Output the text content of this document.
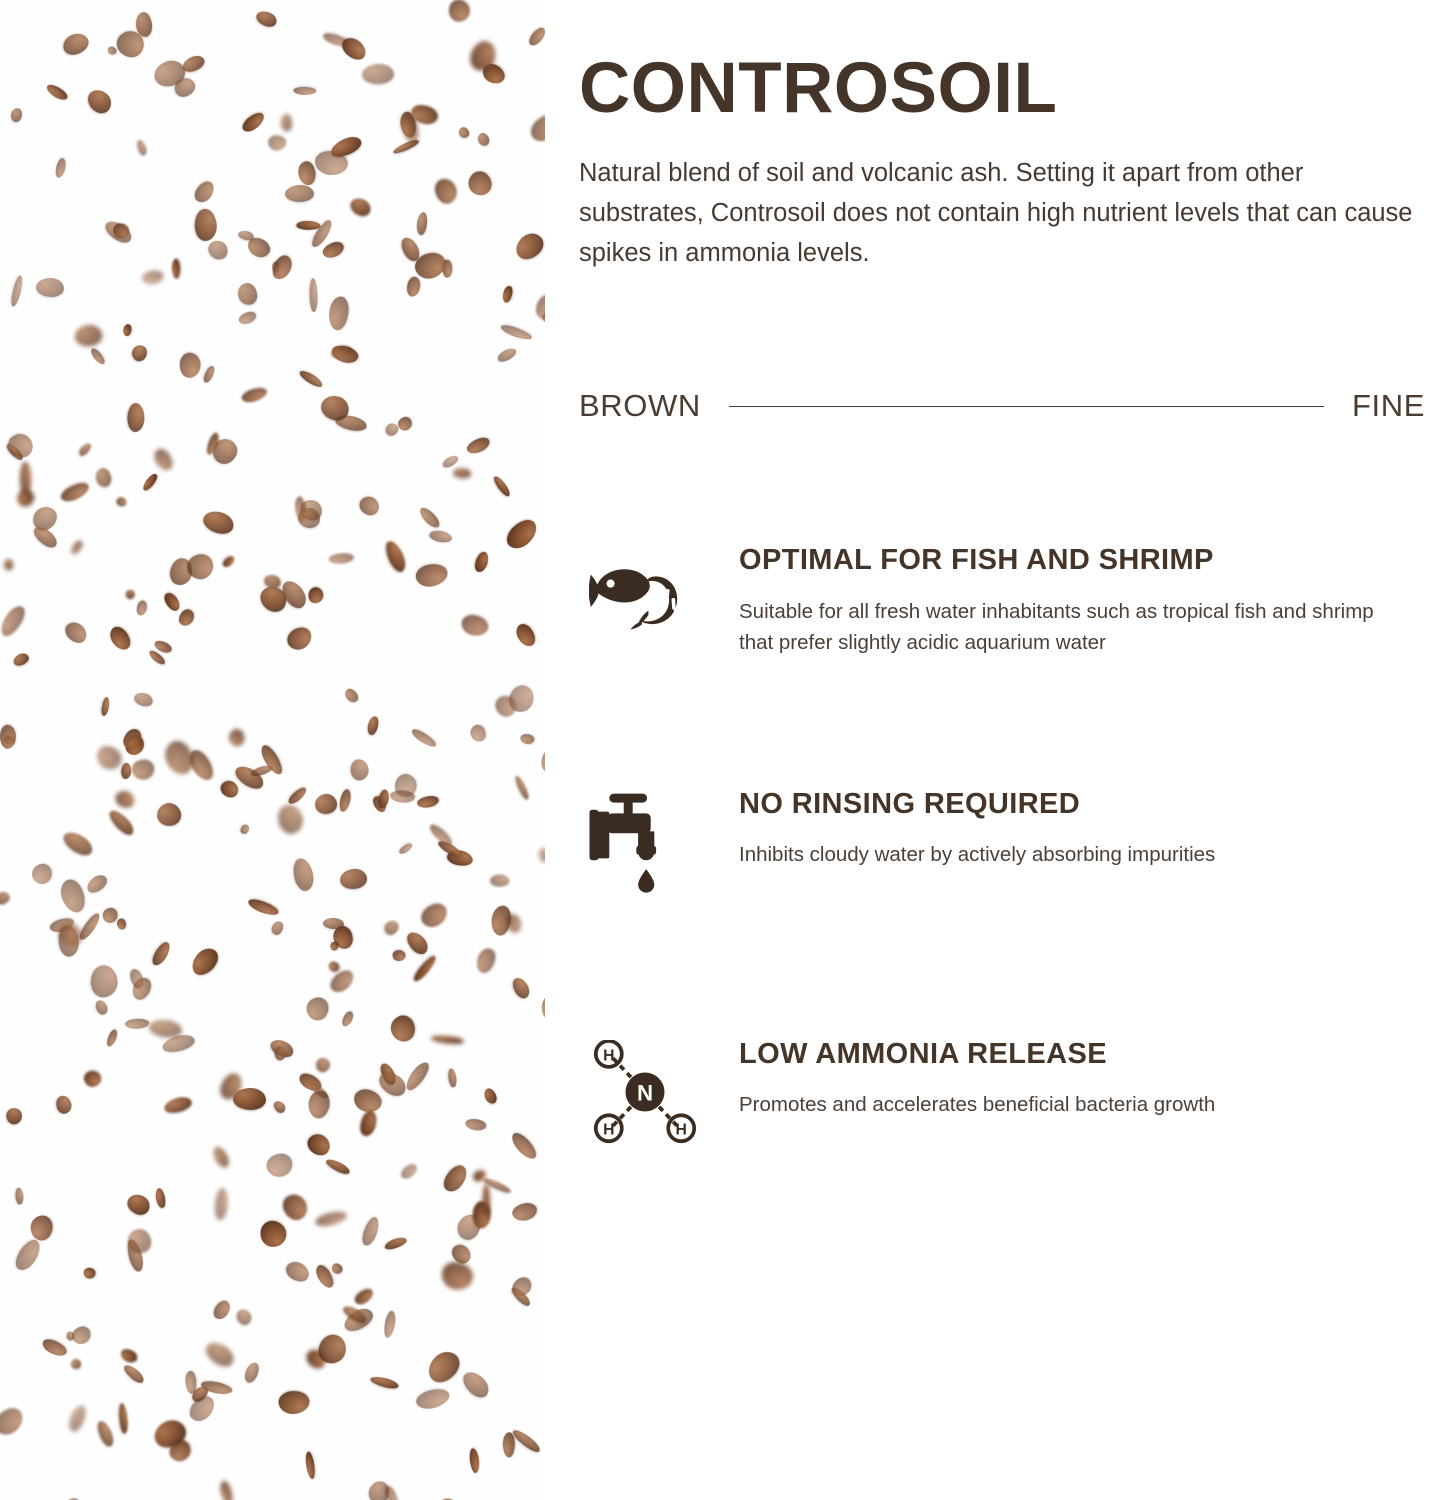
CONTROSOIL

Natural blend of soil and volcanic ash. Setting it apart from other substrates, Controsoil does not contain high nutrient levels that can cause spikes in ammonia levels.

BROWN	FINE
OPTIMAL FOR FISH AND SHRIMP

Suitable for all fresh water inhabitants such as tropical fish and shrimp that prefer slightly acidic aquarium water

NO RINSING REQUIRED

Inhibits cloudy water by actively absorbing impurities

N
H
H	H
LOW AMMONIA RELEASE

Promotes and accelerates beneficial bacteria growth
